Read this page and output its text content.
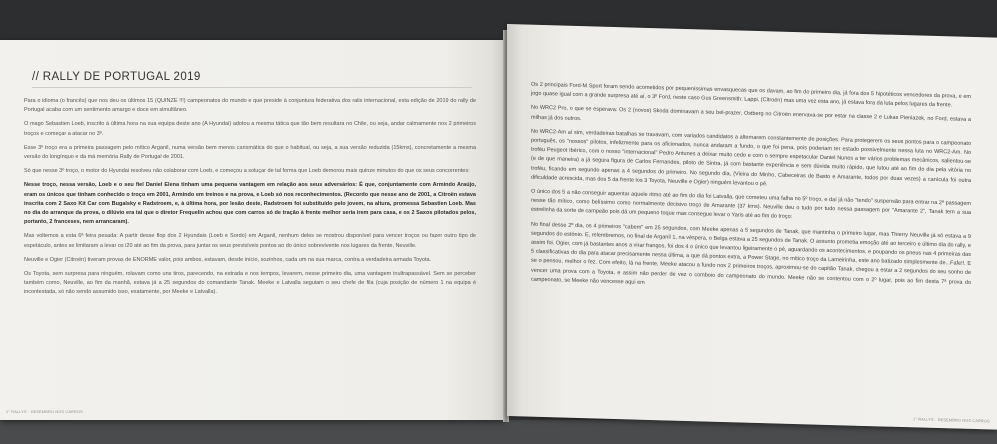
// RALLY DE PORTUGAL 2019

Para o idioma (o francês) que nos deu os últimos 15 (QUINZE !!!) campeonatos do mundo e que preside à conjuntura federativa dos ralis internacional, esta edição de 2019 do rally de Portugal acaba com um sentimento amargo e doce em simultâneo.

O mago Sebastien Loeb, inscrito à última hora na sua equipa deste ano (A Hyundai) adotou a mesma tática que tão bem resultara no Chile, ou seja, andar calmamente nos 2 primeiros troços e começar a atacar no 3º.

Esse 3º troço era a primeira passagem pelo mítico Arganil, numa versão bem menos carismática do que o habitual, ou seja, a sua versão reduzida (15kms), concretamente a mesma versão do longínquo e da má memória Rally de Portugal de 2001.

Só que nesse 3º troço, o motor do Hyundai resolveu não colaborar com Loeb, e começou a soluçar de tal forma que Loeb demorou mais quinze minutos do que os seus concorrentes:

Nesse troço, nessa versão, Loeb e o seu fiel Daniel Elena tinham uma pequena vantagem em relação aos seus adversários: É que, conjuntamente com Armindo Araújo, eram os únicos que tinham conhecido o troço em 2001, Armindo em treinos e na prova, e Loeb só nos reconhecimentos. (Recordo que nesse ano de 2001, a Citroën estava inscrita com 2 Saxo Kit Car com Bugalsky e Radstroem, e, à última hora, por lesão deste, Radstroem foi substituído pelo jovem, na altura, promessa Sebastien Loeb. Mas no dia do arranque da prova, o dilúvio era tal que o diretor Frequelin achou que com carros só de tração à frente melhor seria irem para casa, e os 2 Saxos pilotados pelos, portanto, 2 franceses, nem arrancaram).

Mas voltemos a esta 6ª feira pesada: A partir desse flop dos 2 Hyundais (Loeb e Sordo) em Arganil, nenhum deles se mostrou disponível para vencer troços ou fazer outro tipo de espetáculo, antes se limitaram a levar os i20 até ao fim da prova, para juntar os seus previsíveis pontos ao do único sobrevivente nos lugares da frente, Neuville.

Neuville e Ogier (Citroën) tiveram provas de ENORME valor, pois ambos, estavam, desde início, sozinhos, cada um na sua marca, contra a verdadeira armada Toyota.

Os Toyota, sem surpresa para ninguém, rolavam como uns tiros, parecendo, na estrada e nos tempos, levarem, nesse primeiro dia, uma vantagem inultrapassável. Sem se perceber também como, Neuville, ao fim da manhã, estava já a 25 segundos do comandante Tanak. Meeke e Latvalla seguiam o seu chefe de fila (cuja posição de número 1 na equipa é incontestada, só não sendo assumido isso, exatamente, por Meeke e Latvalla).

1° RALLYS · DESEMBRO NOS CARROS

Os 2 principais Ford-M Sport foram sendo acometidos por pequeníssimas envasquecas que os davam, ao fim do primeiro dia, já fora dos 5 hipotéticos vencedores da prova, e em jogo quase igual com a grande surpresa até aí, o 3º Ford, neste caso Gus Greensmith: Lappi, (Citroën) mas uma vez esta ano, já estava fora da luta pelos lugares da frente.

No WRC2 Pro, o que se esperava: Os 2 (novos) Skoda dominavam a seu bel-prazer, Ostberg no Citroën enervava-se por estar na classe 2 e Lukas Pieniazek, no Ford, estava a milhas já dos outros.

No WRC2-Am aí sim, verdadeiras batalhas se travavam, com variados candidatos a alternarem constantemente de posições. Para protegerem os seus pontos para o campeonato português, os "nossos" pilotos, infelizmente para os aficionados, nunca andaram a fundo, o que foi pena, pois poderiam ter estado possivelmente nessa luta no WRC2-Am. No troféu Peugeot Ibérico, com o nosso "internacional" Pedro Antunes a deixar muito cedo e com o sempre espetacular Daniel Nunes a ter vários problemas mecânicos, salientou-se (e de que maneira) a já segura figura de Carlos Fernandes, piloto de Sintra, já com bastante experiência e sem dúvida muito rápido, que lutou até ao fim do dia pela vitória no troféu, ficando em segundo apenas a 4 segundos do primeiro. No segundo dia, (Vieira do Minho, Cabeceiras de Basto e Amarante, todos por duas vezes) a canícula foi outra dificuldade acrescida, mas dos 5 da frente los 3 Toyota, Neuville e Ogier) ninguém levantou o pé.

O único dos 5 a não conseguir aguentar aquele ritmo até ao fim do dia foi Latvalla, que cometeu uma falha no 5º troço, e daí já não "tendo" suspensão para entrar na 2ª passagem nesse tão mítico, como belíssimo como normalmente decisivo troço de Amarante (37 kms). Neuville deu o tudo por tudo nessa passagem por "Amarante 2", Tanak tem a sua estrelinha da sorte de campeão pois dá um pequeno toque mas consegue levar o Yaris até ao fim do troço:

No final desse 2º dia, os 4 primeiros "cabem" em 25 segundos, com Meeke apenas a 5 segundos de Tanak, que mantinha o primeiro lugar, mas Thierry Neuville já só estava a 9 segundos do estónio. E, relembremos, no final de Arganil 1, na véspera, o Belga estava a 25 segundos de Tanak. O assunto prometia emoção até ao terceiro e último dia do rally, e assim foi. Ogier, com já bastantes anos a virar frangos, foi dos 4 o único que levantou ligeiramente o pé, aguardando os acontecimentos, e poupando os pneus nas 4 primeiras das 5 classificativas do dia para atacar precisamente nessa última, a que dá pontos extra, a Power Stage, no mítico troço da Lameirinha, este ano batizado simplesmente de...Fafe!!. E se o pensou, melhor o fez. Com efeito, lá na frente, Meeke atacou a fundo nos 2 primeiros troços, aproximou-se do capitão Tanak, chegou a estar a 2 segundos do seu sonho de vencer uma prova com a Toyota, e assim não perder de vez o comboio do campeonato do mundo. Meeke não se contentou com o 2º lugar, pois ao fim desta 7ª prova do campeonato, se Meeke não vencesse aqui em

1° RALLYS · DESEMBRO NOS CARROS
